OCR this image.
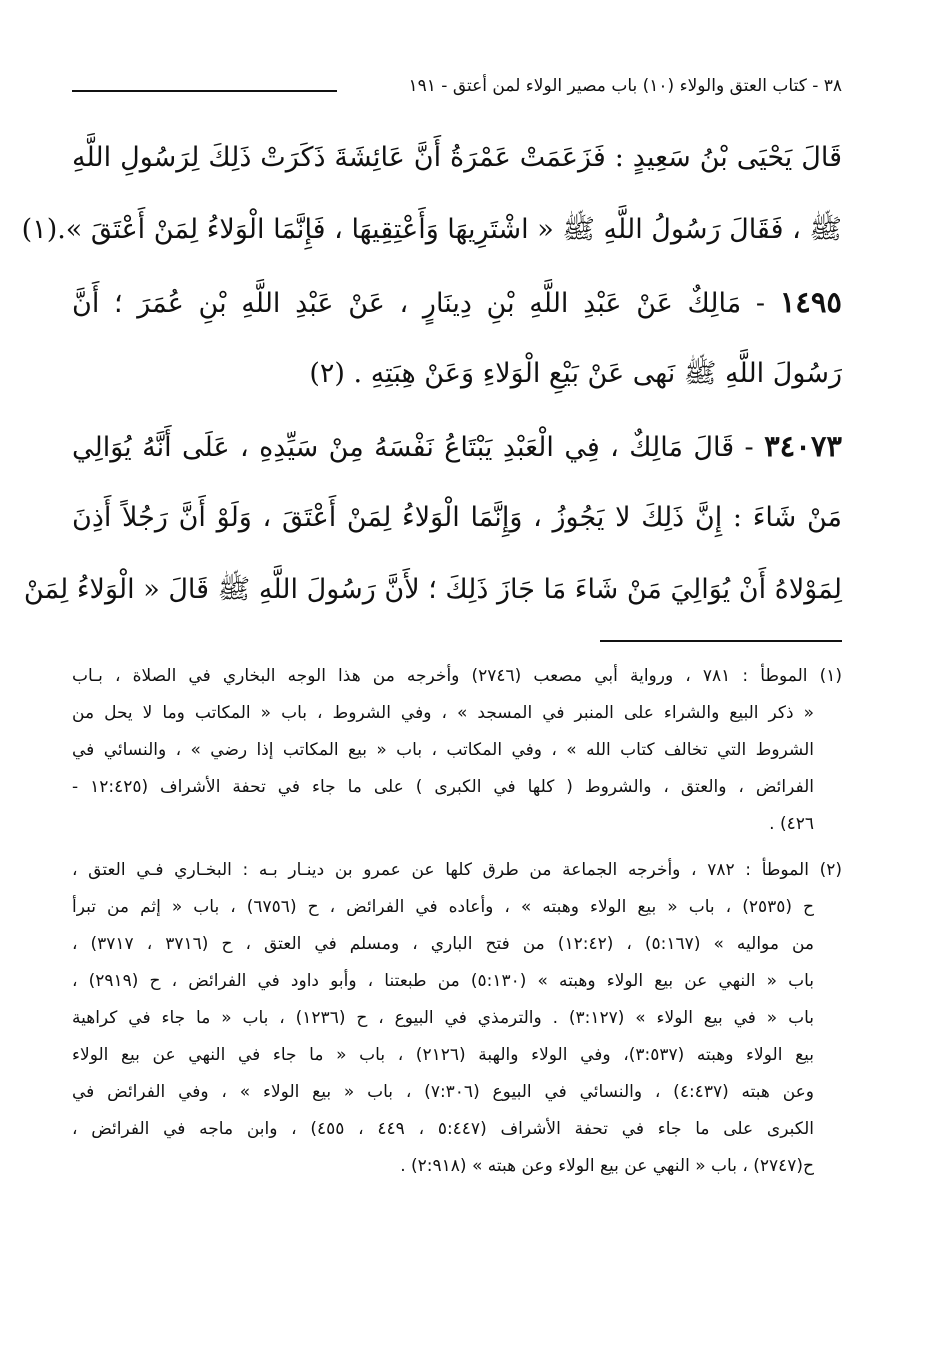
٣٨ - كتاب العتق والولاء (١٠) باب مصير الولاء لمن أعتق - ١٩١
قَالَ يَحْيَى بْنُ سَعِيدٍ : فَزَعَمَتْ عَمْرَةُ أَنَّ عَائِشَةَ ذَكَرَتْ ذَلِكَ لِرَسُولِ اللَّهِ
ﷺ ، فَقَالَ رَسُولُ اللَّهِ ﷺ « اشْتَرِيهَا وَأَعْتِقِيهَا ، فَإِنَّمَا الْوَلاءُ لِمَنْ أَعْتَقَ ».(١)
١٤٩٥ - مَالِكٌ عَنْ عَبْدِ اللَّهِ بْنِ دِينَارٍ ، عَنْ عَبْدِ اللَّهِ بْنِ عُمَرَ ؛ أَنَّ
رَسُولَ اللَّهِ ﷺ نَهى عَنْ بَيْعِ الْوَلاءِ وَعَنْ هِبَتِهِ . (٢)
٣٤٠٧٣ - قَالَ مَالِكٌ ، فِي الْعَبْدِ يَبْتَاعُ نَفْسَهُ مِنْ سَيِّدِهِ ، عَلَى أَنَّهُ يُوَالِي
مَنْ شَاءَ : إِنَّ ذَلِكَ لا يَجُوزُ ، وَإِنَّمَا الْوَلاءُ لِمَنْ أَعْتَقَ ، وَلَوْ أَنَّ رَجُلاً أَذِنَ
لِمَوْلاهُ أَنْ يُوَالِيَ مَنْ شَاءَ مَا جَازَ ذَلِكَ ؛ لأَنَّ رَسُولَ اللَّهِ ﷺ قَالَ « الْوَلاءُ لِمَنْ
(١) الموطأ : ٧٨١ ، ورواية أبي مصعب (٢٧٤٦) وأخرجه من هذا الوجه البخاري في الصلاة ، بـاب
« ذكر البيع والشراء على المنبر في المسجد » ، وفي الشروط ، باب « المكاتب وما لا يحل من
الشروط التي تخالف كتاب الله » ، وفي المكاتب ، باب « بيع المكاتب إذا رضي » ، والنسائي في
الفرائض ، والعتق ، والشروط ( كلها في الكبرى ) على ما جاء في تحفة الأشراف (١٢:٤٢٥ -
٤٢٦) .
(٢) الموطأ : ٧٨٢ ، وأخرجه الجماعة من طرق كلها عن عمرو بن دينـار بـه : البخـاري فـي العتق ،
ح (٢٥٣٥) ، باب « بيع الولاء وهبته » ، وأعاده في الفرائض ، ح (٦٧٥٦) ، باب « إثم من تبرأ
من مواليه » (٥:١٦٧) ، (١٢:٤٢) من فتح الباري ، ومسلم في العتق ، ح (٣٧١٦ ، ٣٧١٧) ،
باب « النهي عن بيع الولاء وهبته » (٥:١٣٠) من طبعتنا ، وأبو داود في الفرائض ، ح (٢٩١٩) ،
باب « في بيع الولاء » (٣:١٢٧) . والترمذي في البيوع ، ح (١٢٣٦) ، باب « ما جاء في كراهية
بيع الولاء وهبته (٣:٥٣٧)، وفي الولاء والهبة (٢١٢٦) ، باب « ما جاء في النهي عن بيع الولاء
وعن هبته (٤:٤٣٧) ، والنسائي في البيوع (٧:٣٠٦) ، باب « بيع الولاء » ، وفي الفرائض في
الكبرى على ما جاء في تحفة الأشراف (٥:٤٤٧ ، ٤٤٩ ، ٤٥٥) ، وابن ماجه في الفرائض ،
ح(٢٧٤٧) ، باب « النهي عن بيع الولاء وعن هبته » (٢:٩١٨) .
